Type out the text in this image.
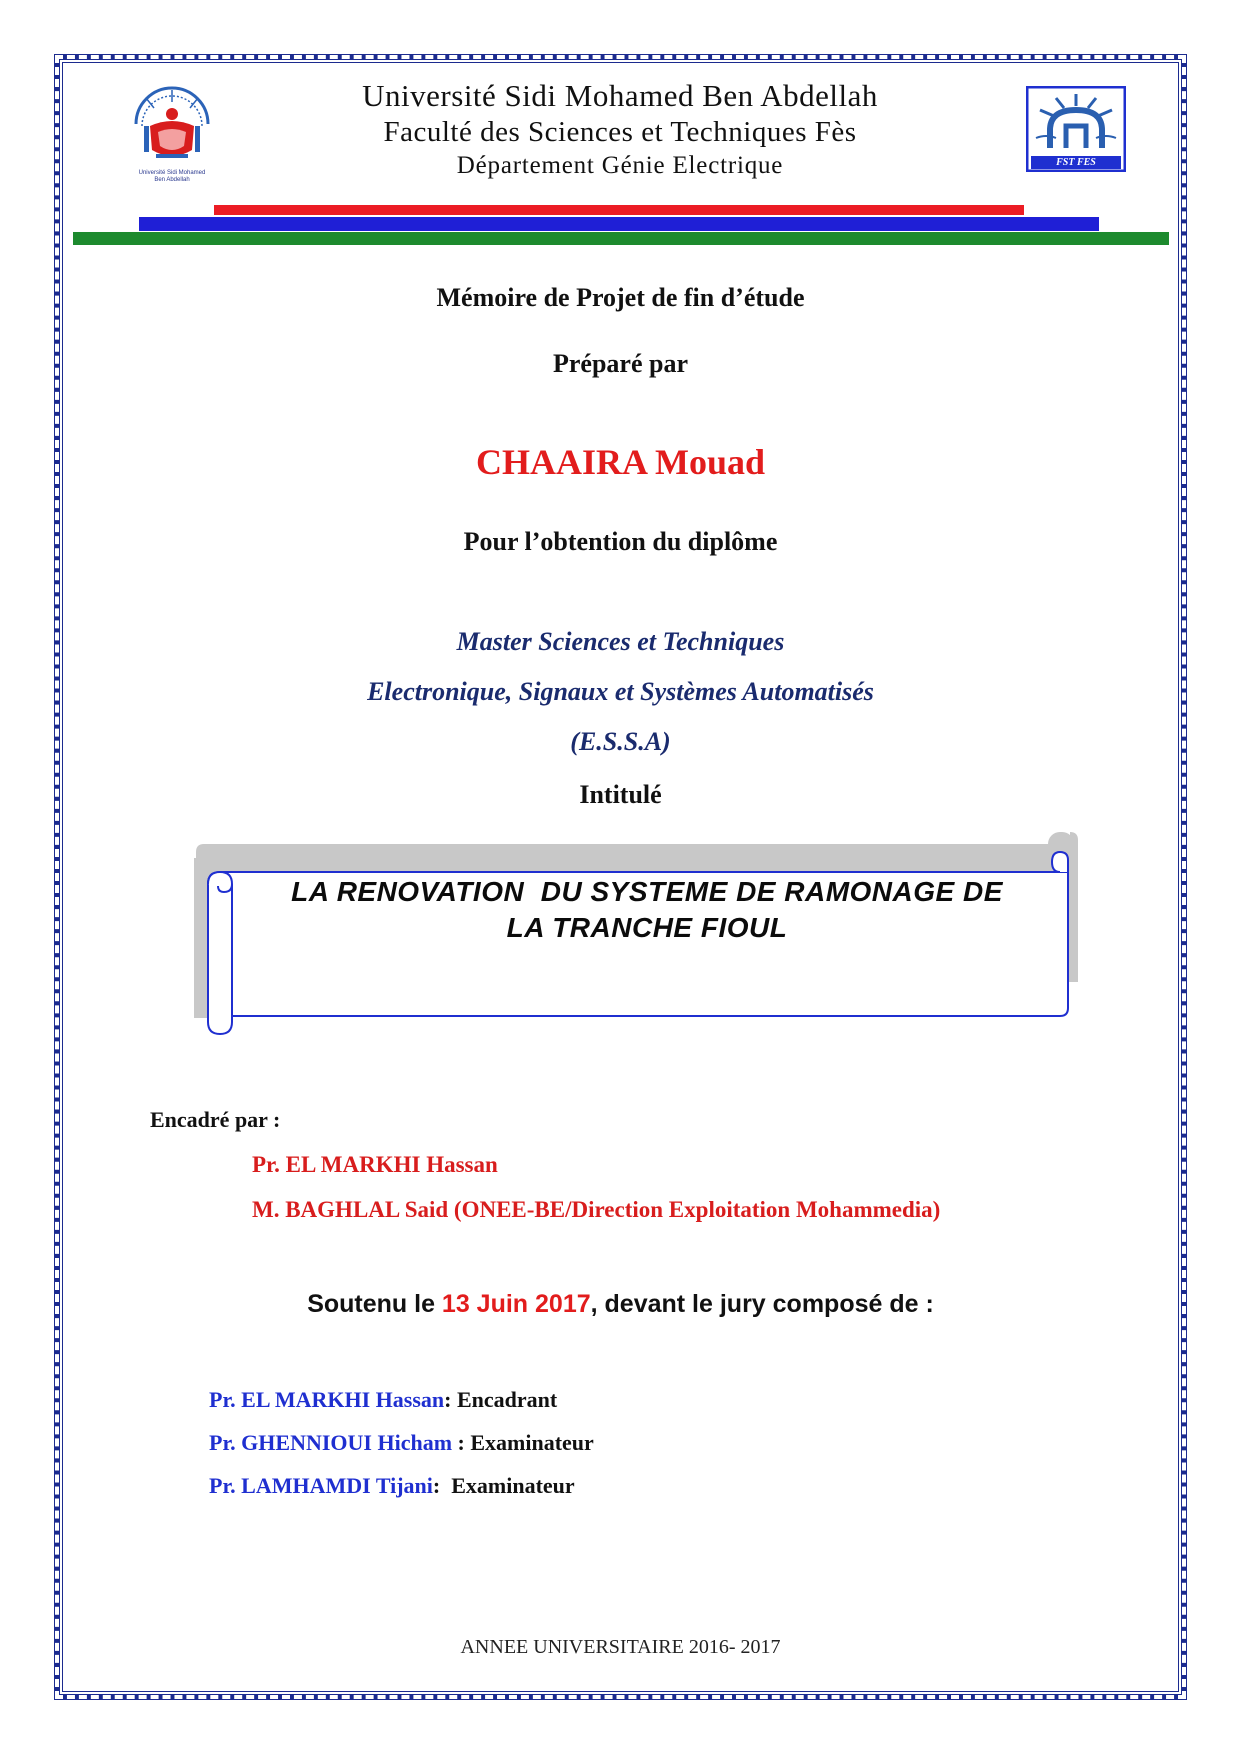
Université Sidi Mohamed
Ben Abdellah
FST FES
Université Sidi Mohamed Ben Abdellah
Faculté des Sciences et Techniques Fès
Département Génie Electrique
Mémoire de Projet de fin d’étude
Préparé par
CHAAIRA Mouad
Pour l’obtention du diplôme
Master Sciences et Techniques
Electronique, Signaux et Systèmes Automatisés
(E.S.S.A)
Intitulé
LA RENOVATION  DU SYSTEME DE RAMONAGE DE
LA TRANCHE FIOUL
Encadré par :
Pr. EL MARKHI Hassan
M. BAGHLAL Said (ONEE-BE/Direction Exploitation Mohammedia)
Soutenu le 13 Juin 2017, devant le jury composé de :
Pr. EL MARKHI Hassan: Encadrant
Pr. GHENNIOUI Hicham : Examinateur
Pr. LAMHAMDI Tijani:  Examinateur
ANNEE UNIVERSITAIRE 2016- 2017
